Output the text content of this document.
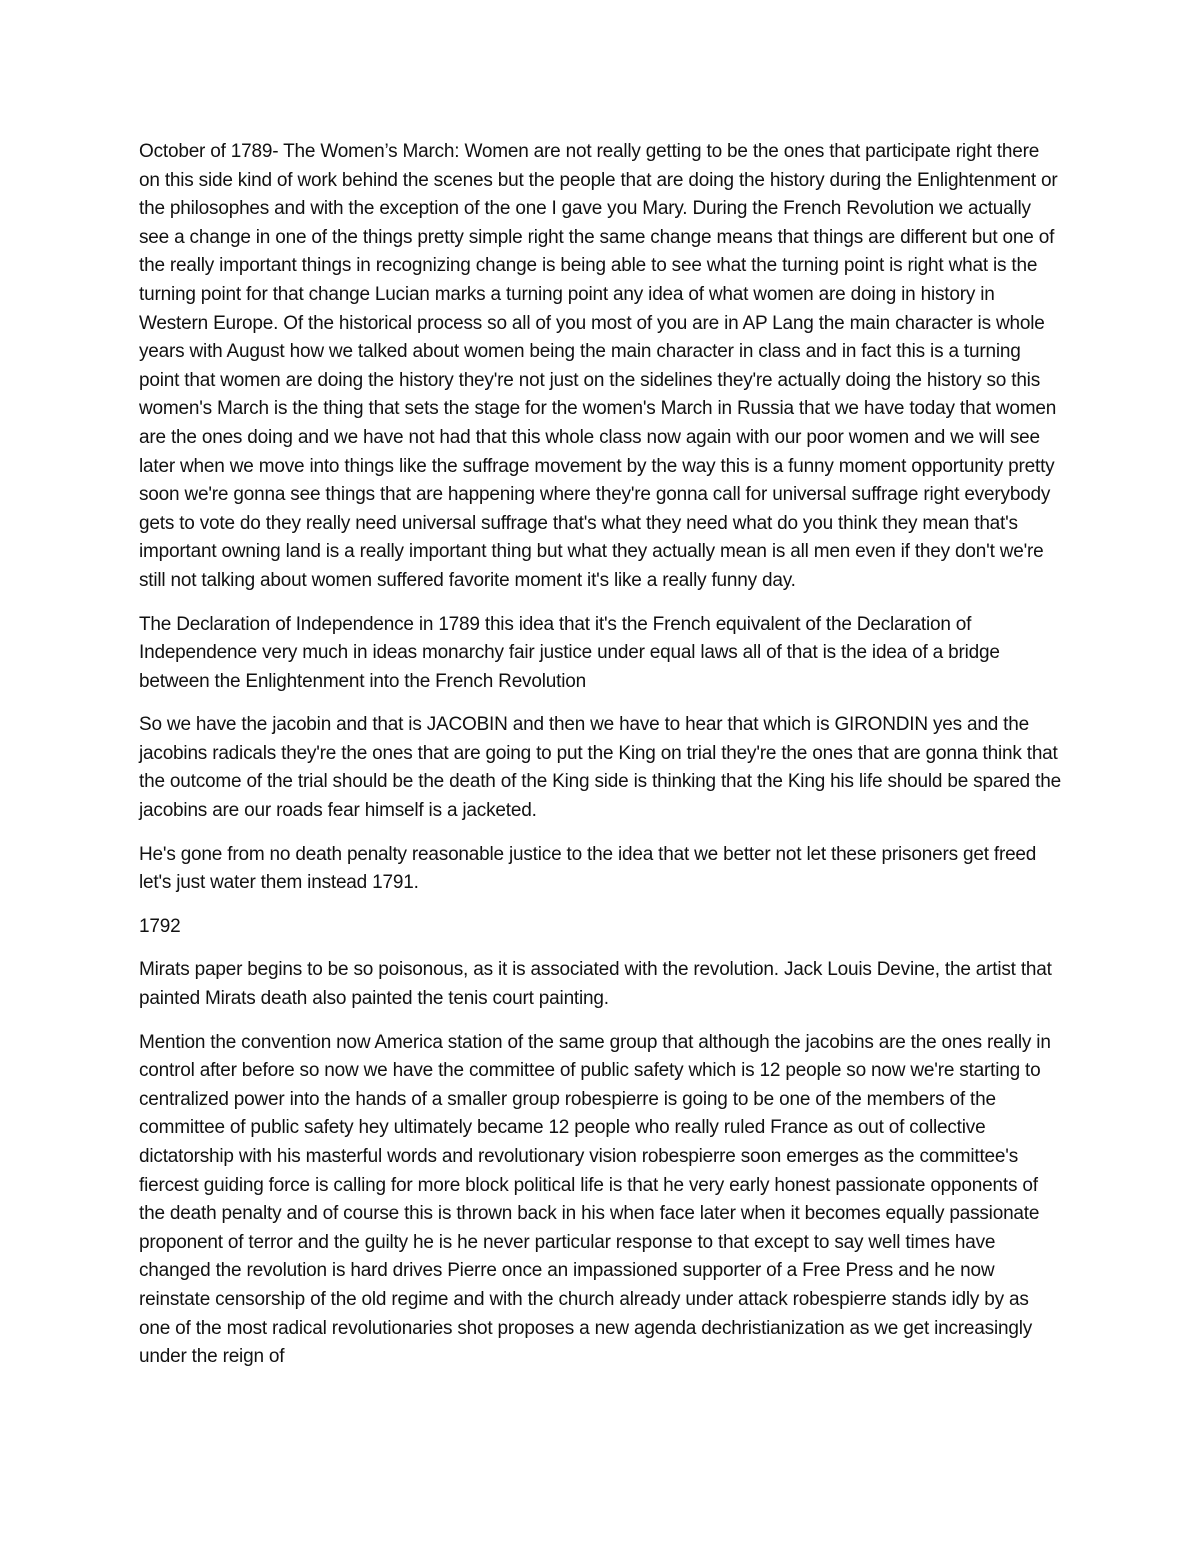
October of 1789- The Women’s March: Women are not really getting to be the ones that participate right there on this side kind of work behind the scenes but the people that are doing the history during the Enlightenment or the philosophes and with the exception of the one I gave you Mary. During the French Revolution we actually see a change in one of the things pretty simple right the same change means that things are different but one of the really important things in recognizing change is being able to see what the turning point is right what is the turning point for that change Lucian marks a turning point any idea of what women are doing in history in Western Europe. Of the historical process so all of you most of you are in AP Lang the main character is whole years with August how we talked about women being the main character in class and in fact this is a turning point that women are doing the history they're not just on the sidelines they're actually doing the history so this women's March is the thing that sets the stage for the women's March in Russia that we have today that women are the ones doing and we have not had that this whole class now again with our poor women and we will see later when we move into things like the suffrage movement by the way this is a funny moment opportunity pretty soon we're gonna see things that are happening where they're gonna call for universal suffrage right everybody gets to vote do they really need universal suffrage that's what they need what do you think they mean that's important owning land is a really important thing but what they actually mean is all men even if they don't we're still not talking about women suffered favorite moment it's like a really funny day.

The Declaration of Independence in 1789 this idea that it's the French equivalent of the Declaration of Independence very much in ideas monarchy fair justice under equal laws all of that is the idea of a bridge between the Enlightenment into the French Revolution

So we have the jacobin and that is JACOBIN and then we have to hear that which is GIRONDIN yes and the jacobins radicals they're the ones that are going to put the King on trial they're the ones that are gonna think that the outcome of the trial should be the death of the King side is thinking that the King his life should be spared the jacobins are our roads fear himself is a jacketed.

He's gone from no death penalty reasonable justice to the idea that we better not let these prisoners get freed let's just water them instead 1791.

1792

Mirats paper begins to be so poisonous, as it is associated with the revolution. Jack Louis Devine, the artist that painted Mirats death also painted the tenis court painting.

Mention the convention now America station of the same group that although the jacobins are the ones really in control after before so now we have the committee of public safety which is 12 people so now we're starting to centralized power into the hands of a smaller group robespierre is going to be one of the members of the committee of public safety hey ultimately became 12 people who really ruled France as out of collective dictatorship with his masterful words and revolutionary vision robespierre soon emerges as the committee's fiercest guiding force is calling for more block political life is that he very early honest passionate opponents of the death penalty and of course this is thrown back in his when face later when it becomes equally passionate proponent of terror and the guilty he is he never particular response to that except to say well times have changed the revolution is hard drives Pierre once an impassioned supporter of a Free Press and he now reinstate censorship of the old regime and with the church already under attack robespierre stands idly by as one of the most radical revolutionaries shot proposes a new agenda dechristianization as we get increasingly under the reign of
